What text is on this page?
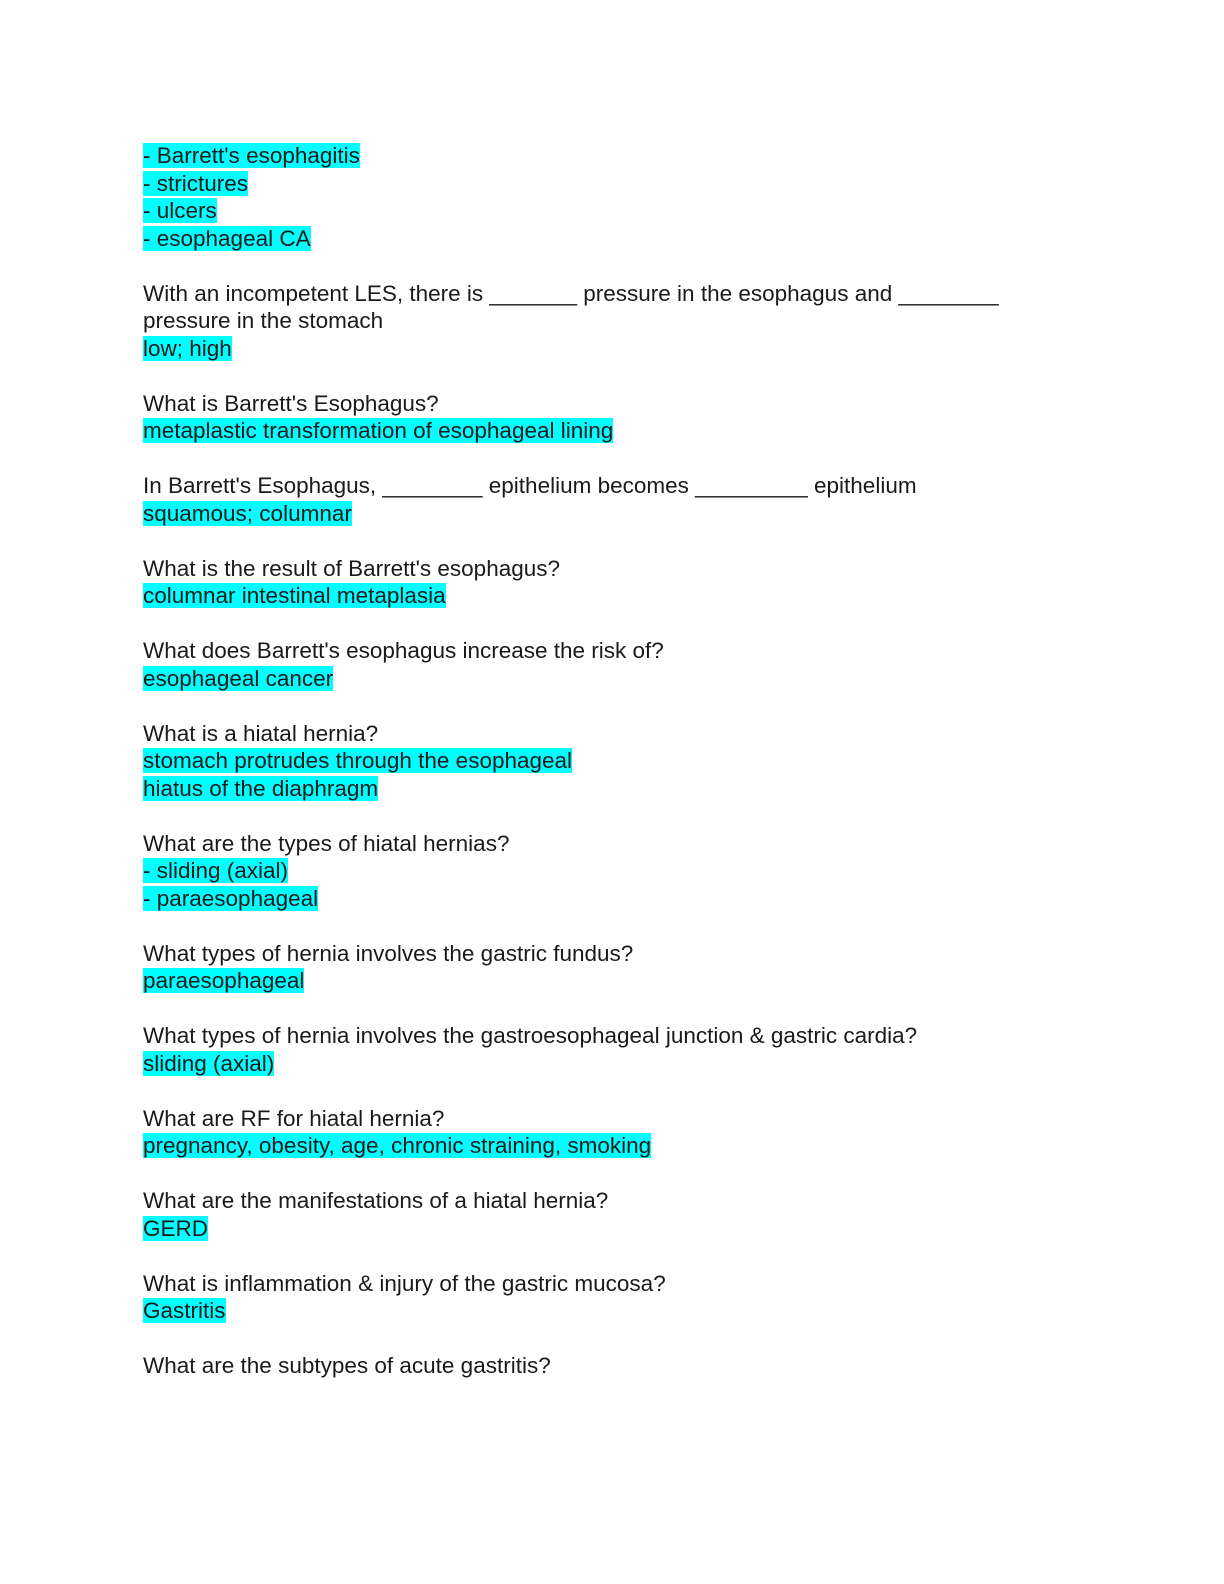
- Barrett's esophagitis
- strictures
- ulcers
- esophageal CA
With an incompetent LES, there is _______ pressure in the esophagus and ________
pressure in the stomach
low; high
What is Barrett's Esophagus?
metaplastic transformation of esophageal lining
In Barrett's Esophagus, ________ epithelium becomes _________ epithelium
squamous; columnar
What is the result of Barrett's esophagus?
columnar intestinal metaplasia
What does Barrett's esophagus increase the risk of?
esophageal cancer
What is a hiatal hernia?
stomach protrudes through the esophageal
hiatus of the diaphragm
What are the types of hiatal hernias?
- sliding (axial)
- paraesophageal
What types of hernia involves the gastric fundus?
paraesophageal
What types of hernia involves the gastroesophageal junction & gastric cardia?
sliding (axial)
What are RF for hiatal hernia?
pregnancy, obesity, age, chronic straining, smoking
What are the manifestations of a hiatal hernia?
GERD
What is inflammation & injury of the gastric mucosa?
Gastritis
What are the subtypes of acute gastritis?
